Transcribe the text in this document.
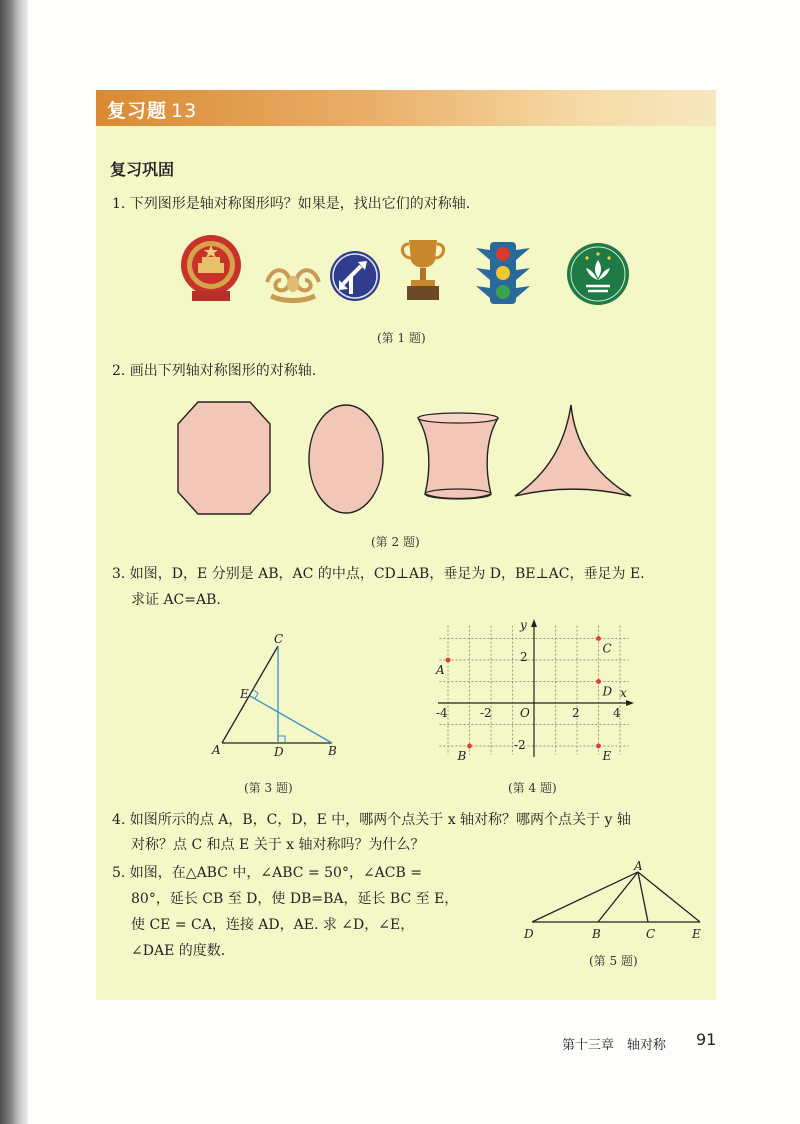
复习题 13
复习巩固
1. 下列图形是轴对称图形吗？如果是，找出它们的对称轴.
(第 1 题)
2. 画出下列轴对称图形的对称轴.
(第 2 题)
3. 如图，D，E 分别是 AB，AC 的中点，CD⊥AB，垂足为 D，BE⊥AC，垂足为 E.
求证 AC=AB.
A	B
C
D
E
(第 3 题)
x
y
O
-4	-2	2	4
2
-2
A
B
C
D
E
(第 4 题)
4. 如图所示的点 A，B，C，D，E 中，哪两个点关于 x 轴对称？哪两个点关于 y 轴
对称？点 C 和点 E 关于 x 轴对称吗？为什么？
5. 如图，在△ABC 中，∠ABC = 50°，∠ACB =
80°，延长 CB 至 D，使 DB=BA，延长 BC 至 E，
使 CE = CA，连接 AD，AE. 求 ∠D，∠E，
∠DAE 的度数.
A
B	C
D	E
(第 5 题)
第十三章　轴对称 91
